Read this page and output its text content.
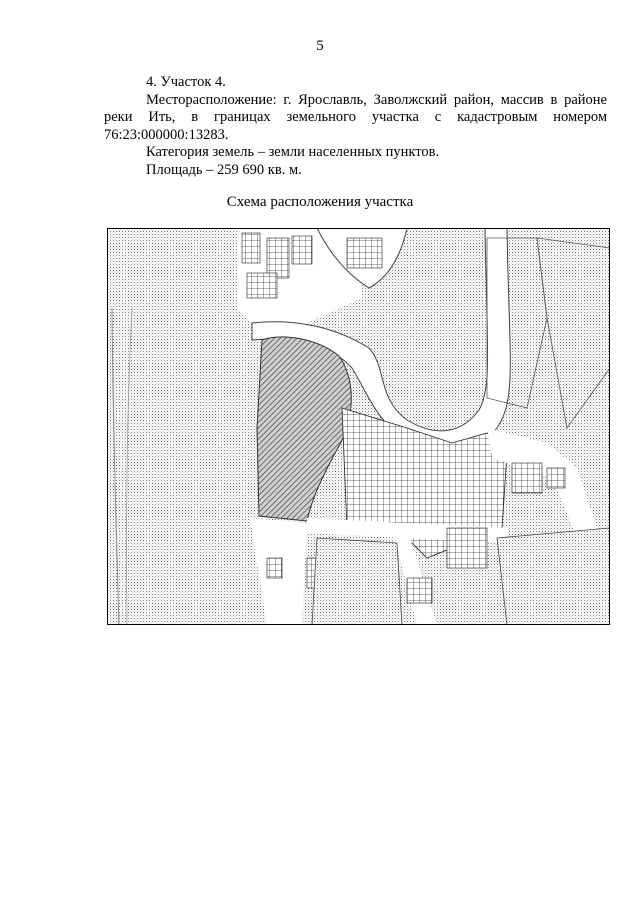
5

4. Участок 4.

Месторасположение: г. Ярославль, Заволжский район, массив в районе реки Ить, в границах земельного участка с кадастровым номером 76:23:000000:13283.

Категория земель – земли населенных пунктов.

Площадь – 259 690 кв. м.

Схема расположения участка
